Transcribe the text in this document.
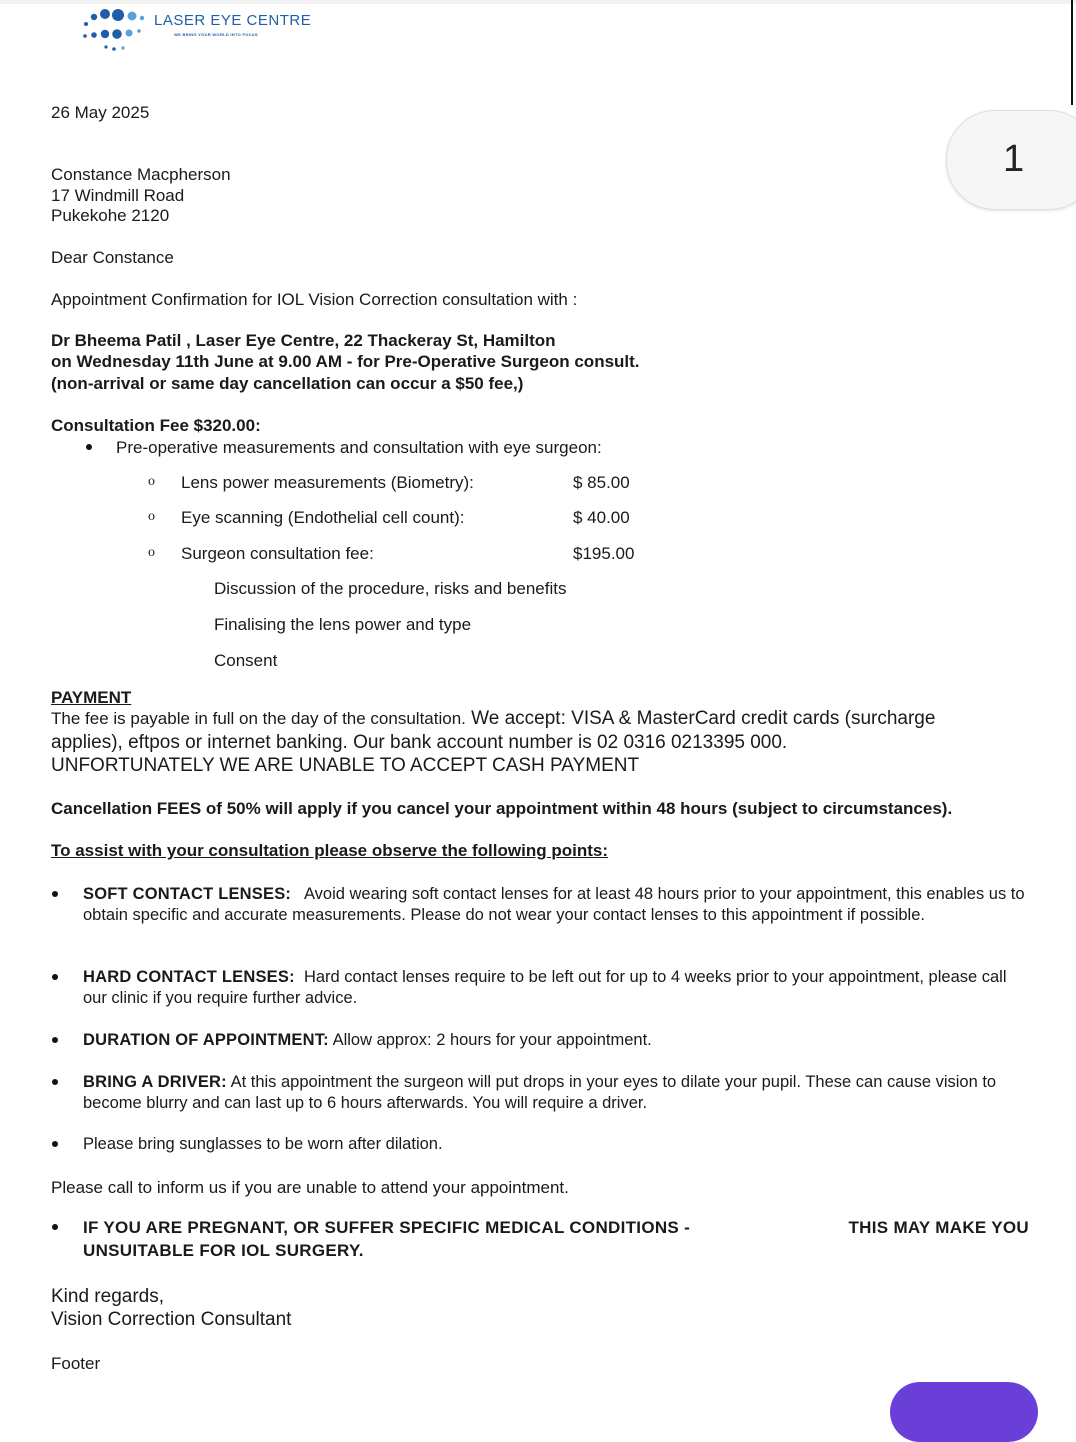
LASER EYE CENTRE
WE BRING YOUR WORLD INTO FOCUS
1
26 May 2025
Constance Macpherson
17 Windmill Road
Pukekohe 2120
Dear Constance
Appointment Confirmation for IOL Vision Correction consultation with :
Dr Bheema Patil , Laser Eye Centre, 22 Thackeray St, Hamilton
on Wednesday 11th June at 9.00 AM - for Pre-Operative Surgeon consult.
(non-arrival or same day cancellation can occur a $50 fee,)
Consultation Fee $320.00:
Pre-operative measurements and consultation with eye surgeon:
o Lens power measurements (Biometry):	$ 85.00
o Eye scanning (Endothelial cell count):	$ 40.00
o Surgeon consultation fee:	$195.00
Discussion of the procedure, risks and benefits
Finalising the lens power and type
Consent
PAYMENT
The fee is payable in full on the day of the consultation. We accept: VISA & MasterCard credit cards (surcharge
applies), eftpos or internet banking. Our bank account number is 02 0316 0213395 000.
UNFORTUNATELY WE ARE UNABLE TO ACCEPT CASH PAYMENT
Cancellation FEES of 50% will apply if you cancel your appointment within 48 hours (subject to circumstances).
To assist with your consultation please observe the following points:
SOFT CONTACT LENSES: Avoid wearing soft contact lenses for at least 48 hours prior to your appointment, this enables us to obtain specific and accurate measurements. Please do not wear your contact lenses to this appointment if possible.
HARD CONTACT LENSES: Hard contact lenses require to be left out for up to 4 weeks prior to your appointment, please call our clinic if you require further advice.
DURATION OF APPOINTMENT: Allow approx: 2 hours for your appointment.
BRING A DRIVER: At this appointment the surgeon will put drops in your eyes to dilate your pupil. These can cause vision to become blurry and can last up to 6 hours afterwards. You will require a driver.
Please bring sunglasses to be worn after dilation.
Please call to inform us if you are unable to attend your appointment.
IF YOU ARE PREGNANT, OR SUFFER SPECIFIC MEDICAL CONDITIONS -	THIS MAY MAKE YOU
UNSUITABLE FOR IOL SURGERY.
Kind regards,
Vision Correction Consultant
Footer
